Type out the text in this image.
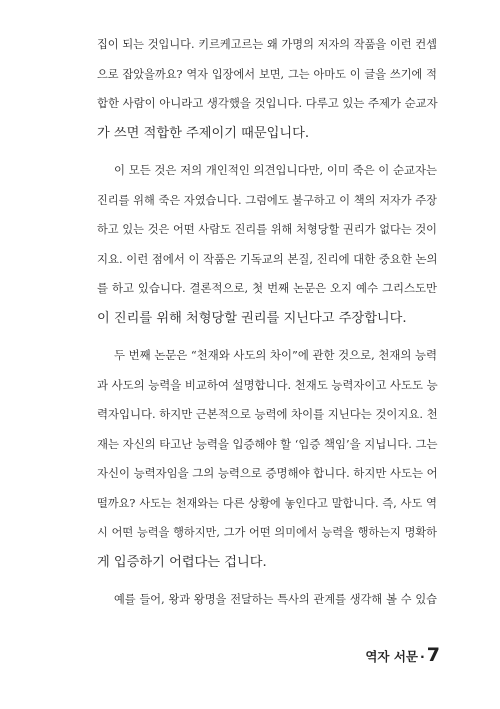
집이 되는 것입니다. 키르케고르는 왜 가명의 저자의 작품을 이런 컨셉
으로 잡았을까요? 역자 입장에서 보면, 그는 아마도 이 글을 쓰기에 적
합한 사람이 아니라고 생각했을 것입니다. 다루고 있는 주제가 순교자
가 쓰면 적합한 주제이기 때문입니다.
이 모든 것은 저의 개인적인 의견입니다만, 이미 죽은 이 순교자는
진리를 위해 죽은 자였습니다. 그럼에도 불구하고 이 책의 저자가 주장
하고 있는 것은 어떤 사람도 진리를 위해 처형당할 권리가 없다는 것이
지요. 이런 점에서 이 작품은 기독교의 본질, 진리에 대한 중요한 논의
를 하고 있습니다. 결론적으로, 첫 번째 논문은 오지 예수 그리스도만
이 진리를 위해 처형당할 권리를 지닌다고 주장합니다.
두 번째 논문은 “천재와 사도의 차이”에 관한 것으로, 천재의 능력
과 사도의 능력을 비교하여 설명합니다. 천재도 능력자이고 사도도 능
력자입니다. 하지만 근본적으로 능력에 차이를 지닌다는 것이지요. 천
재는 자신의 타고난 능력을 입증해야 할 ‘입증 책임’을 지닙니다. 그는
자신이 능력자임을 그의 능력으로 증명해야 합니다. 하지만 사도는 어
떨까요? 사도는 천재와는 다른 상황에 놓인다고 말합니다. 즉, 사도 역
시 어떤 능력을 행하지만, 그가 어떤 의미에서 능력을 행하는지 명확하
게 입증하기 어렵다는 겁니다.
예를 들어, 왕과 왕명을 전달하는 특사의 관계를 생각해 볼 수 있습
역자 서문 · 7
